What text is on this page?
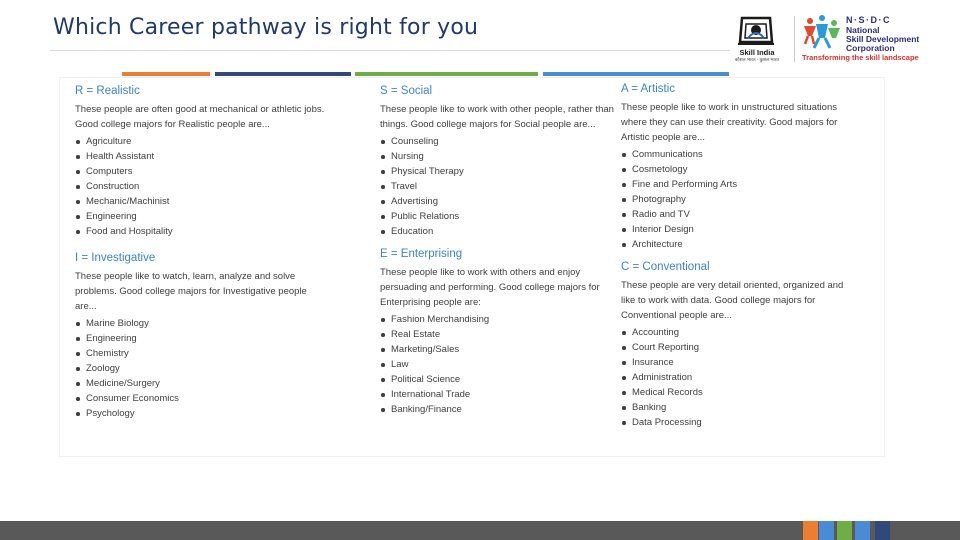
Which Career pathway is right for you
Skill India
कौशल भारत - कुशल भारत
N·S·D·C
National
Skill Development
Corporation
Transforming the skill landscape

R = Realistic

These people are often good at mechanical or athletic jobs. Good college majors for Realistic people are...

Agriculture
Health Assistant
Computers
Construction
Mechanic/Machinist
Engineering
Food and Hospitality

I = Investigative

These people like to watch, learn, analyze and solve problems. Good college majors for Investigative people are...

Marine Biology
Engineering
Chemistry
Zoology
Medicine/Surgery
Consumer Economics
Psychology

S = Social

These people like to work with other people, rather than things. Good college majors for Social people are...

Counseling
Nursing
Physical Therapy
Travel
Advertising
Public Relations
Education

E = Enterprising

These people like to work with others and enjoy persuading and performing. Good college majors for Enterprising people are:

Fashion Merchandising
Real Estate
Marketing/Sales
Law
Political Science
International Trade
Banking/Finance

A = Artistic

These people like to work in unstructured situations where they can use their creativity. Good majors for Artistic people are...

Communications
Cosmetology
Fine and Performing Arts
Photography
Radio and TV
Interior Design
Architecture

C = Conventional

These people are very detail oriented, organized and like to work with data. Good college majors for Conventional people are...

Accounting
Court Reporting
Insurance
Administration
Medical Records
Banking
Data Processing
